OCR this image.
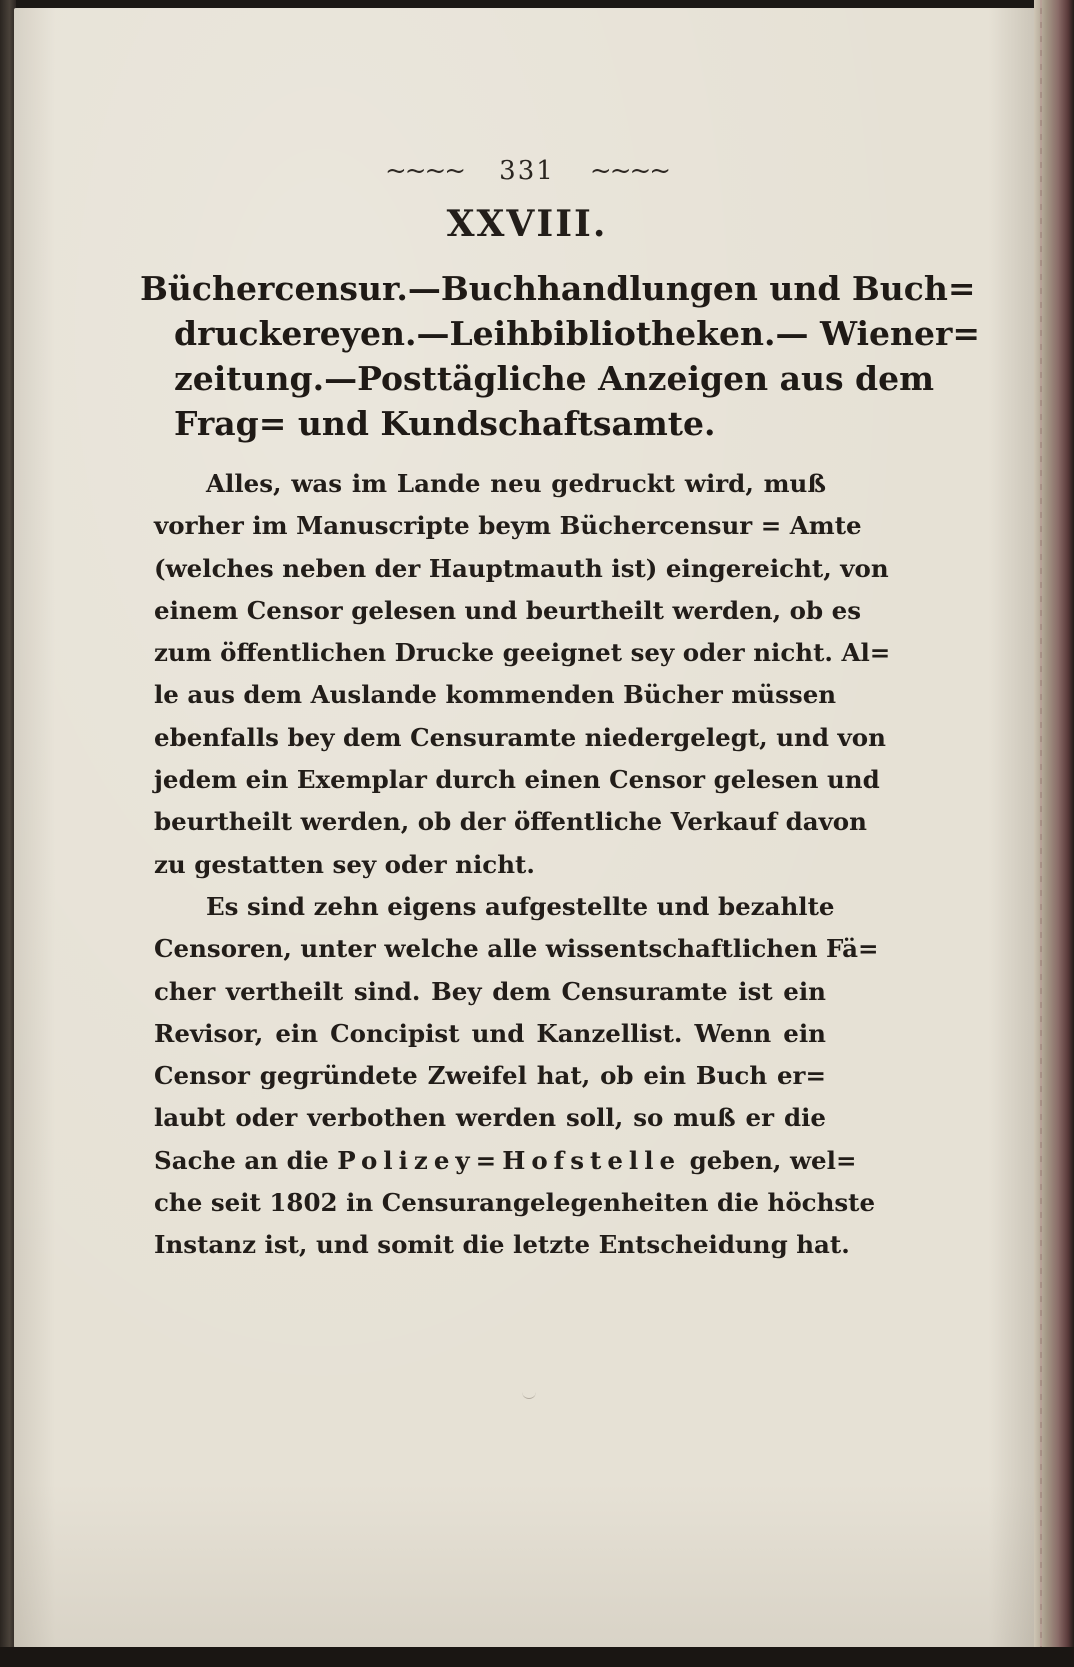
~~~~ 331 ~~~~
XXVIII.
Büchercensur.—Buchhandlungen und Buch=
druckereyen.—Leihbibliotheken.— Wiener=
zeitung.—Posttägliche Anzeigen aus dem
Frag= und Kundschaftsamte.
Alles, was im Lande neu gedruckt wird, muß
vorher im Manuscripte beym Büchercensur = Amte
(welches neben der Hauptmauth ist) eingereicht, von
einem Censor gelesen und beurtheilt werden, ob es
zum öffentlichen Drucke geeignet sey oder nicht. Al=
le aus dem Auslande kommenden Bücher müssen
ebenfalls bey dem Censuramte niedergelegt, und von
jedem ein Exemplar durch einen Censor gelesen und
beurtheilt werden, ob der öffentliche Verkauf davon
zu gestatten sey oder nicht.
Es sind zehn eigens aufgestellte und bezahlte
Censoren, unter welche alle wissentschaftlichen Fä=
cher vertheilt sind. Bey dem Censuramte ist ein
Revisor, ein Concipist und Kanzellist. Wenn ein
Censor gegründete Zweifel hat, ob ein Buch er=
laubt oder verbothen werden soll, so muß er die
Sache an die Polizey=Hofstelle geben, wel=
che seit 1802 in Censurangelegenheiten die höchste
Instanz ist, und somit die letzte Entscheidung hat.
